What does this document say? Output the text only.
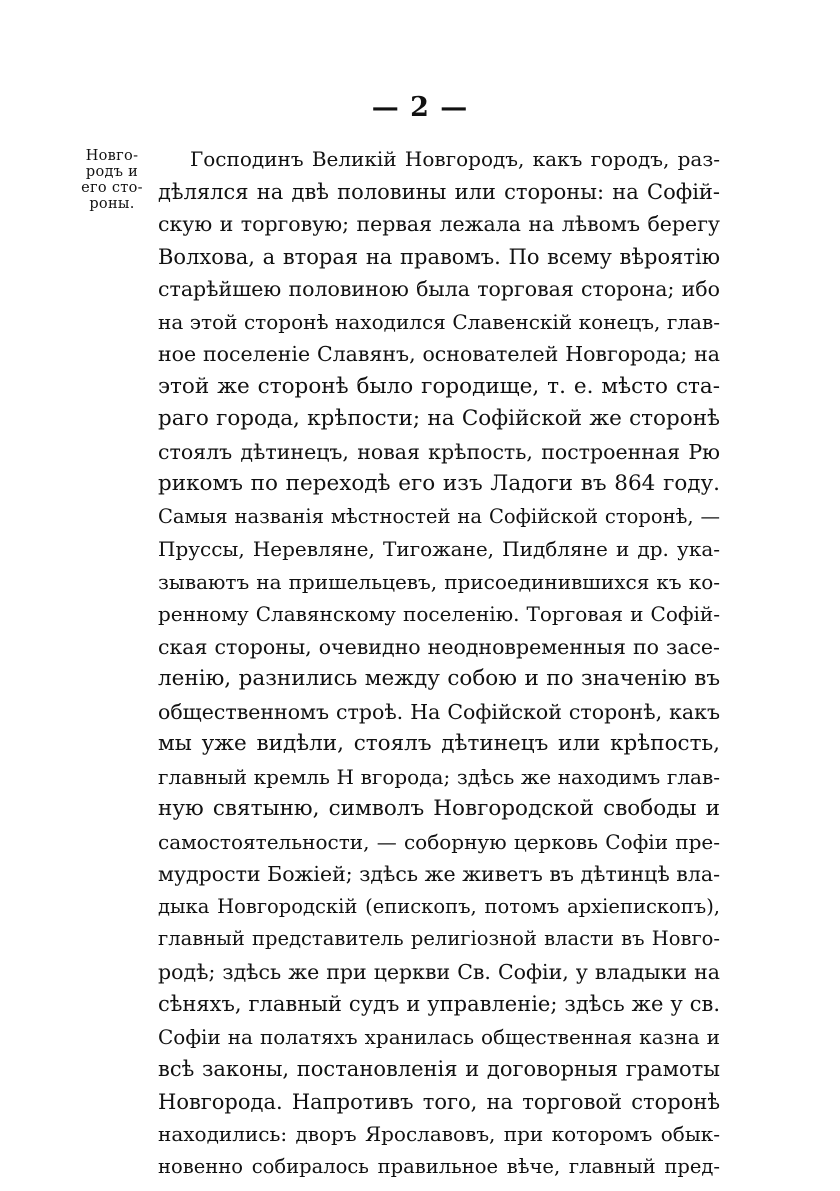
— 2 —
Новго-
родъ и
его сто-
роны.
Господинъ Великій Новгородъ, какъ городъ, раз-
дѣлялся на двѣ половины или стороны: на Софій-
скую и торговую; первая лежала на лѣвомъ берегу
Волхова, а вторая на правомъ. По всему вѣроятію
старѣйшею половиною была торговая сторона; ибо
на этой сторонѣ находился Славенскій конецъ, глав-
ное поселеніе Славянъ, основателей Новгорода; на
этой же сторонѣ было городище, т. е. мѣсто ста-
раго города, крѣпости; на Софійской же сторонѣ
стоялъ дѣтинецъ, новая крѣпость, построенная Рю
рикомъ по переходѣ его изъ Ладоги въ 864 году.
Самыя названія мѣстностей на Софійской сторонѣ, —
Пруссы, Неревляне, Тигожане, Пидбляне и др. ука-
зываютъ на пришельцевъ, присоединившихся къ ко-
ренному Славянскому поселенію. Торговая и Софій-
ская стороны, очевидно неодновременныя по засе-
ленію, разнились между собою и по значенію въ
общественномъ строѣ. На Софійской сторонѣ, какъ
мы уже видѣли, стоялъ дѣтинецъ или крѣпость,
главный кремль Н вгорода; здѣсь же находимъ глав-
ную святыню, символъ Новгородской свободы и
самостоятельности, — соборную церковь Софіи пре-
мудрости Божіей; здѣсь же живетъ въ дѣтинцѣ вла-
дыка Новгородскій (епископъ, потомъ архіепископъ),
главный представитель религіозной власти въ Новго-
родѣ; здѣсь же при церкви Св. Софіи, у владыки на
сѣняхъ, главный судъ и управленіе; здѣсь же у св.
Софіи на полатяхъ хранилась общественная казна и
всѣ законы, постановленія и договорныя грамоты
Новгорода. Напротивъ того, на торговой сторонѣ
находились: дворъ Ярославовъ, при которомъ обык-
новенно собиралось правильное вѣче, главный пред-
